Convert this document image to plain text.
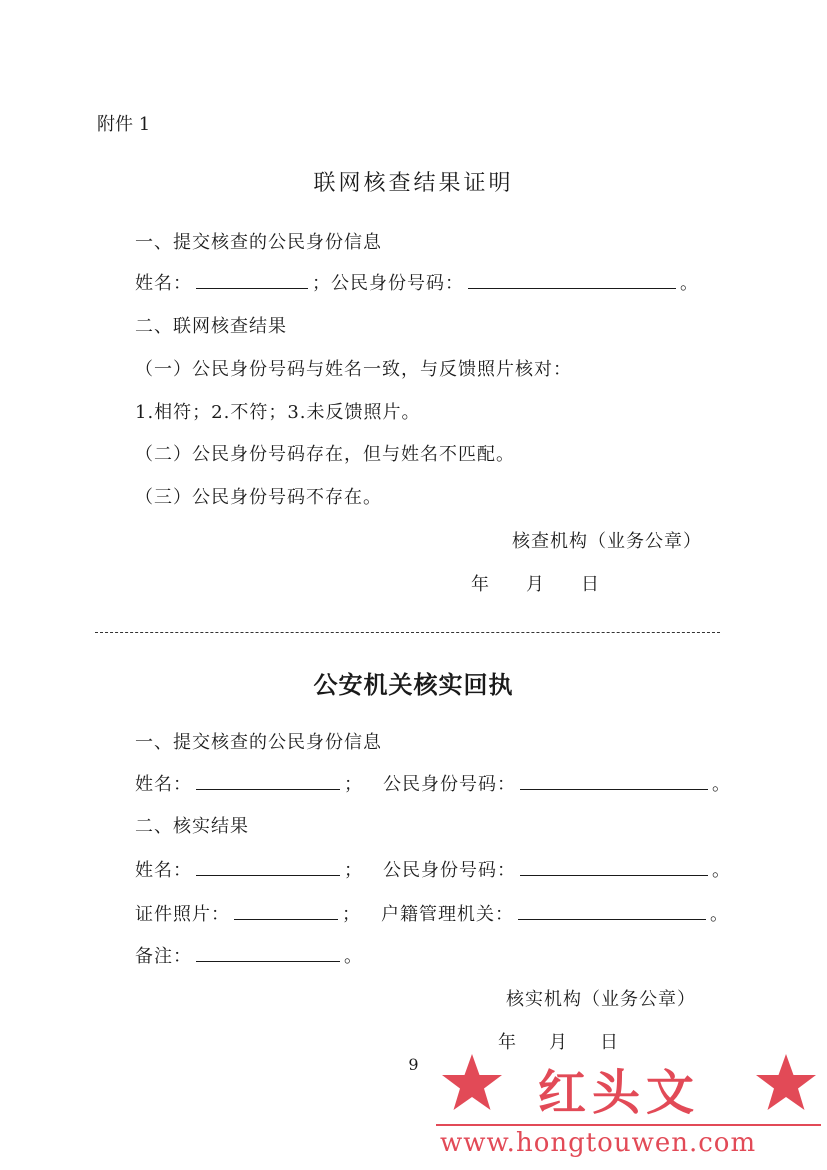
附件 1
联网核查结果证明
一、提交核查的公民身份信息
姓名：	；公民身份号码：	。
二、联网核查结果
（一）公民身份号码与姓名一致，与反馈照片核对：
1.相符；2.不符；3.未反馈照片。
（二）公民身份号码存在，但与姓名不匹配。
（三）公民身份号码不存在。
核查机构（业务公章）
年 月 日
公安机关核实回执
一、提交核查的公民身份信息
姓名：	； 公民身份号码：	。
二、核实结果
姓名：	； 公民身份号码：	。
证件照片：	； 户籍管理机关：	。
备注：	。
核实机构（业务公章）
年 月 日
9
红头文
www.hongtouwen.com
